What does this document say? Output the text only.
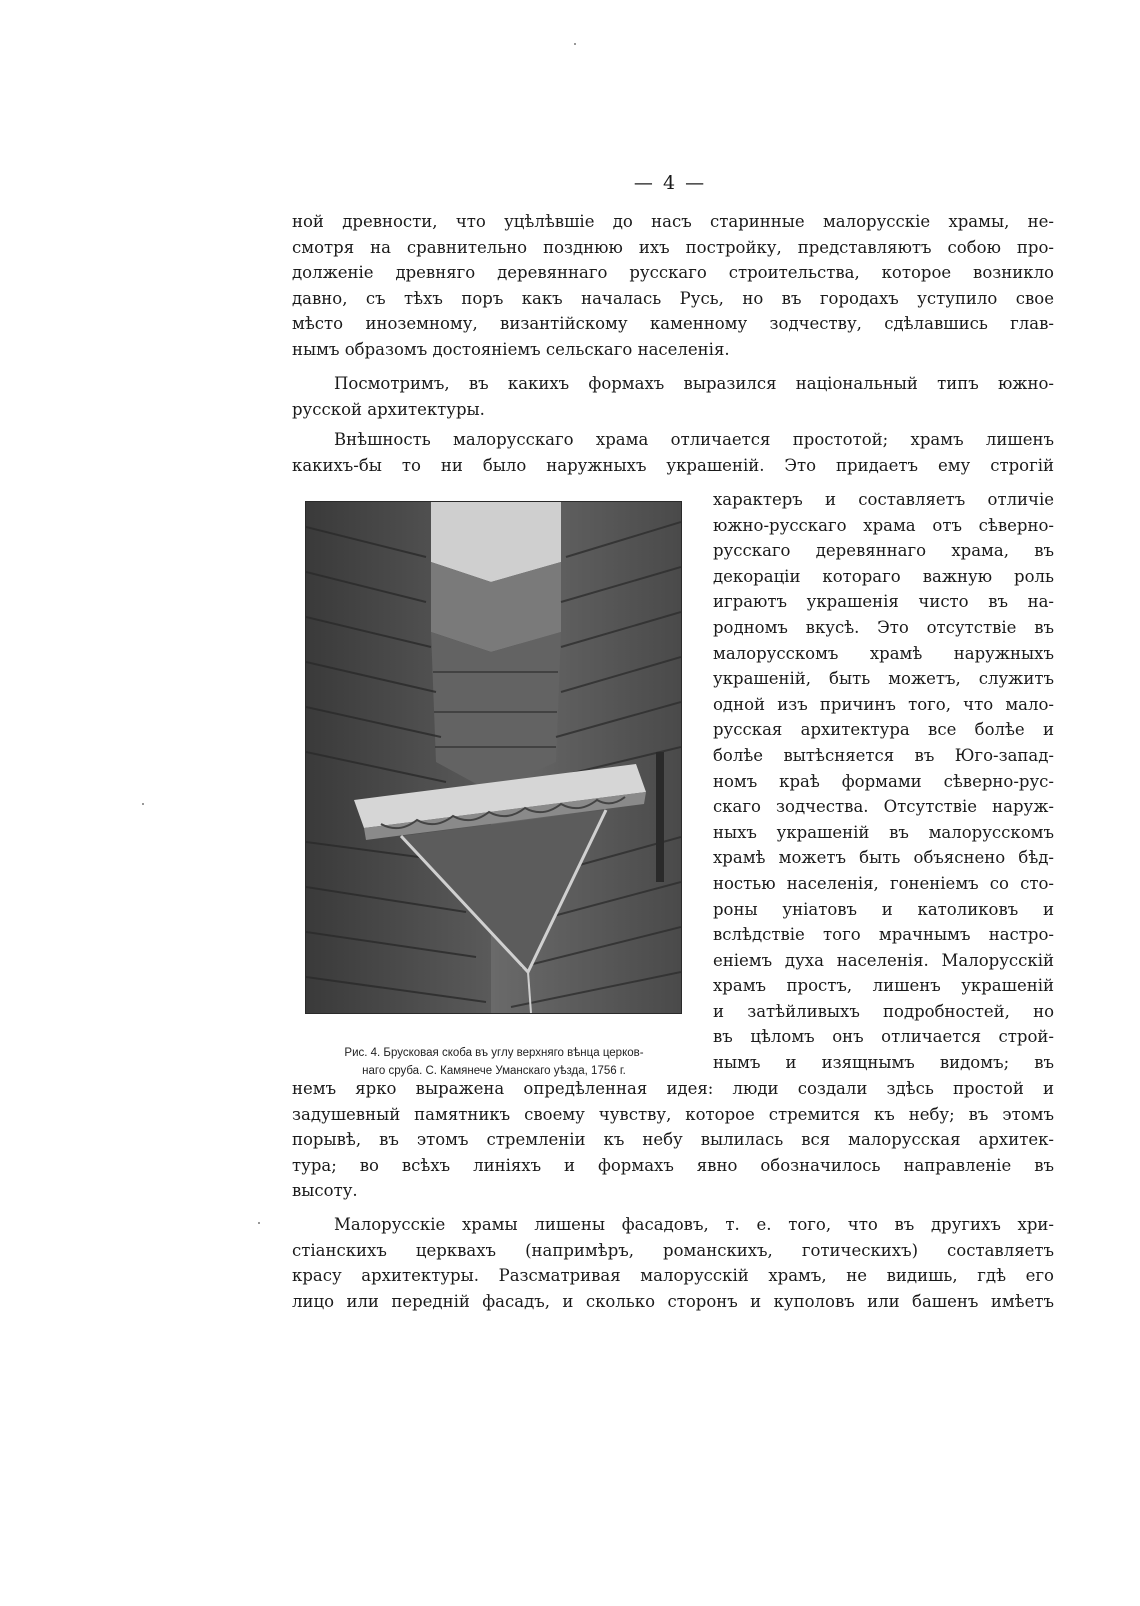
— 4 —

ной древности, что уцѣлѣвшіе до насъ старинные малорусскіе храмы, не-

смотря на сравнительно позднюю ихъ постройку, представляютъ собою про-

долженіе древняго деревяннаго русскаго строительства, которое возникло

давно, съ тѣхъ поръ какъ началась Русь, но въ городахъ уступило свое

мѣсто иноземному, византійскому каменному зодчеству, сдѣлавшись глав-

нымъ образомъ достояніемъ сельскаго населенія.

Посмотримъ, въ какихъ формахъ выразился національный типъ южно-

русской архитектуры.

Внѣшность малорусскаго храма отличается простотой; храмъ лишенъ

какихъ-бы то ни было наружныхъ украшеній. Это придаетъ ему строгій

Рис. 4. Брусковая скоба въ углу верхняго вѣнца церков-
наго сруба. С. Камянече Уманскаго уѣзда, 1756 г.

характеръ и составляетъ отличіе

южно-русскаго храма отъ сѣверно-

русскаго деревяннаго храма, въ

декораціи котораго важную роль

играютъ украшенія чисто въ на-

родномъ вкусѣ. Это отсутствіе въ

малорусскомъ храмѣ наружныхъ

украшеній, быть можетъ, служитъ

одной изъ причинъ того, что мало-

русская архитектура все болѣе и

болѣе вытѣсняется въ Юго-запад-

номъ краѣ формами сѣверно-рус-

скаго зодчества. Отсутствіе наруж-

ныхъ украшеній въ малорусскомъ

храмѣ можетъ быть объяснено бѣд-

ностью населенія, гоненіемъ со сто-

роны уніатовъ и католиковъ и

вслѣдствіе того мрачнымъ настро-

еніемъ духа населенія. Малорусскій

храмъ простъ, лишенъ украшеній

и затѣйливыхъ подробностей, но

въ цѣломъ онъ отличается строй-

нымъ и изящнымъ видомъ; въ

немъ ярко выражена опредѣленная идея: люди создали здѣсь простой и

задушевный памятникъ своему чувству, которое стремится къ небу; въ этомъ

порывѣ, въ этомъ стремленіи къ небу вылилась вся малорусская архитек-

тура; во всѣхъ линіяхъ и формахъ явно обозначилось направленіе въ

высоту.

Малорусскіе храмы лишены фасадовъ, т. е. того, что въ другихъ хри-

стіанскихъ церквахъ (напримѣръ, романскихъ, готическихъ) составляетъ

красу архитектуры. Разсматривая малорусскій храмъ, не видишь, гдѣ его

лицо или передній фасадъ, и сколько сторонъ и куполовъ или башенъ имѣетъ
